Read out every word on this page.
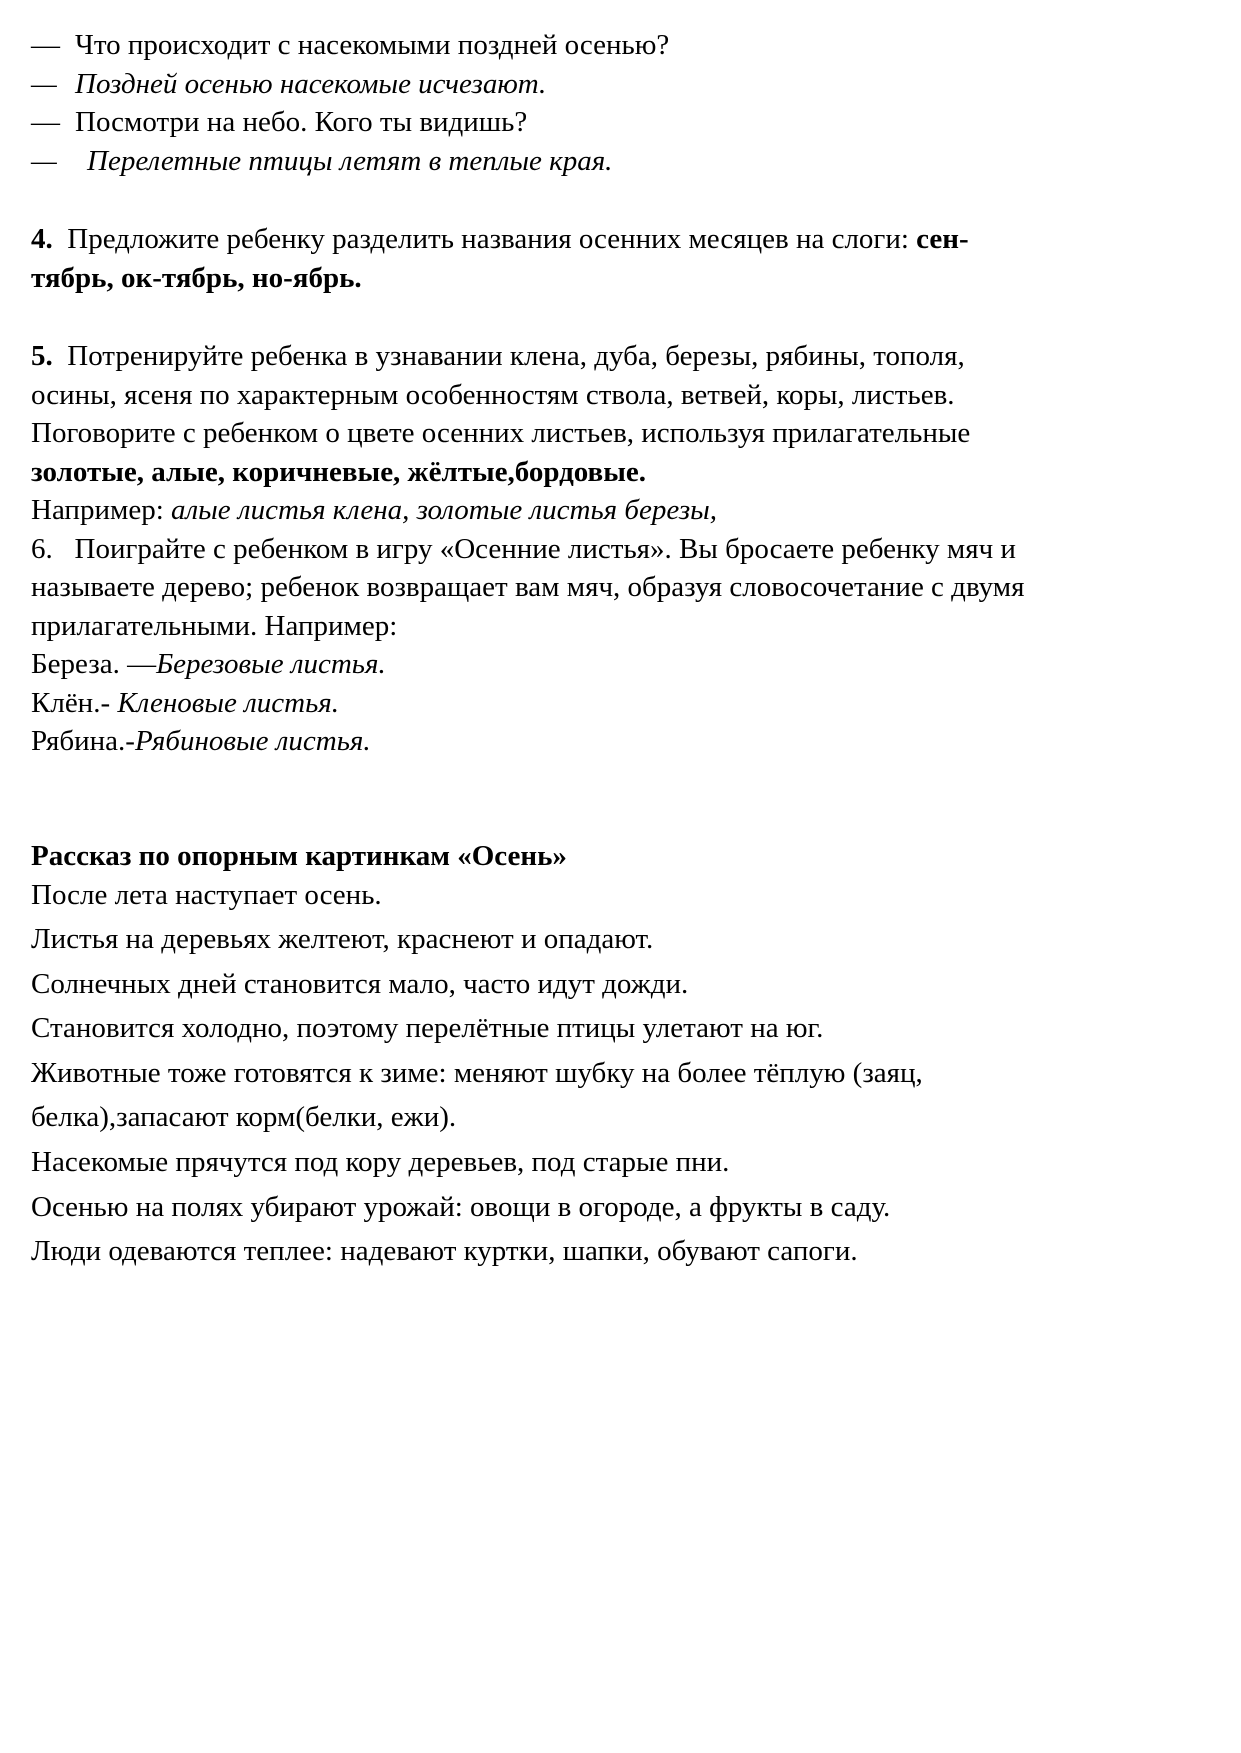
— Что происходит с насекомыми поздней осенью?
— Поздней осенью насекомые исчезают.
— Посмотри на небо. Кого ты видишь?
— Перелетные птицы летят в теплые края.
4. Предложите ребенку разделить названия осенних месяцев на слоги: сен-
тябрь, ок-тябрь, но-ябрь.
5. Потренируйте ребенка в узнавании клена, дуба, березы, рябины, тополя,
осины, ясеня по характерным особенностям ствола, ветвей, коры, листьев.
Поговорите с ребенком о цвете осенних листьев, используя прилагательные
золотые, алые, коричневые, жёлтые,бордовые.
Например: алые листья клена, золотые листья березы,
6. Поиграйте с ребенком в игру «Осенние листья». Вы бросаете ребенку мяч и
называете дерево; ребенок возвращает вам мяч, образуя словосочетание с двумя
прилагательными. Например:
Береза. —Березовые листья.
Клён.- Кленовые листья.
Рябина.-Рябиновые листья.
Рассказ по опорным картинкам «Осень»
После лета наступает осень.
Листья на деревьях желтеют, краснеют и опадают.
Солнечных дней становится мало, часто идут дожди.
Становится холодно, поэтому перелётные птицы улетают на юг.
Животные тоже готовятся к зиме: меняют шубку на более тёплую (заяц,
белка),запасают корм(белки, ежи).
Насекомые прячутся под кору деревьев, под старые пни.
Осенью на полях убирают урожай: овощи в огороде, а фрукты в саду.
Люди одеваются теплее: надевают куртки, шапки, обувают сапоги.
